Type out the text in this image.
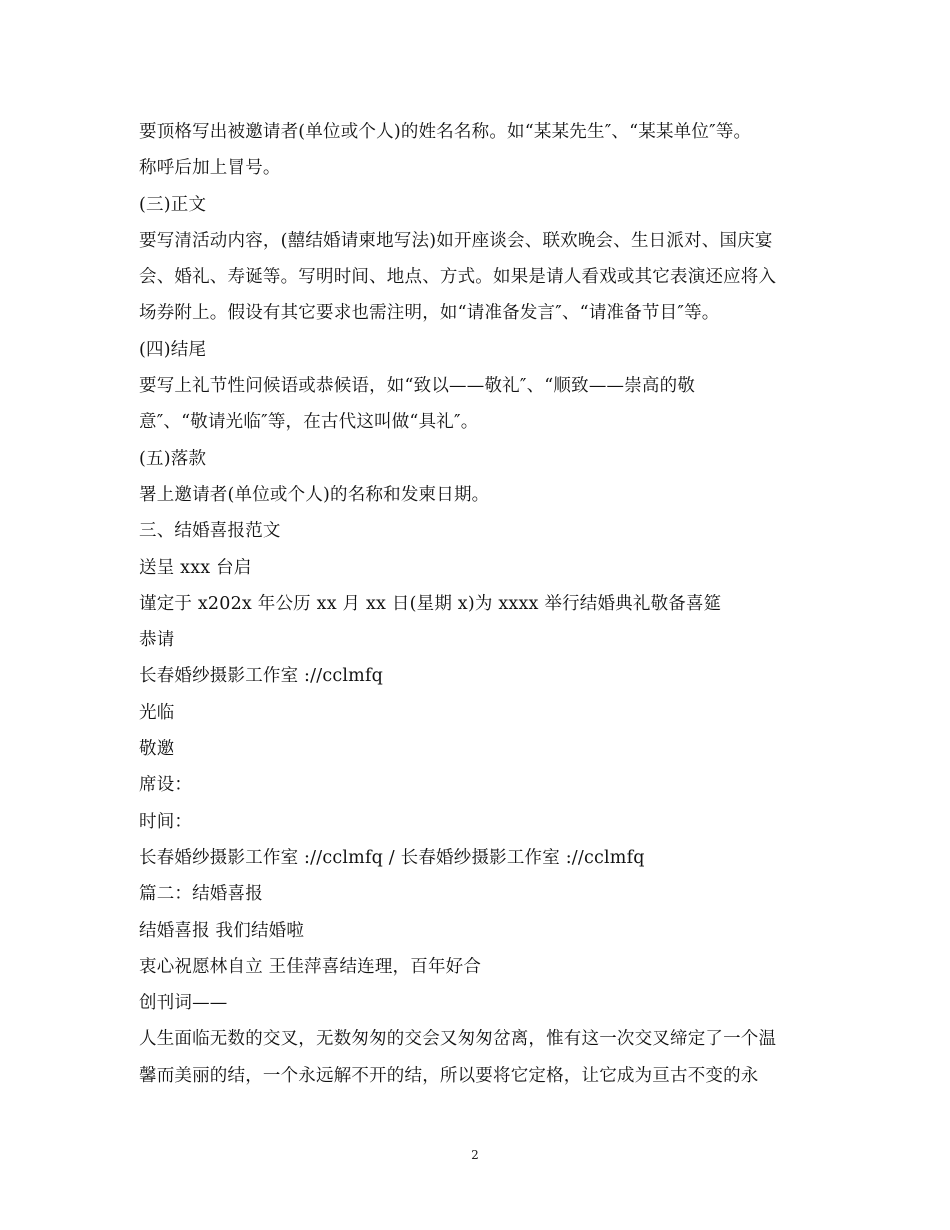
要顶格写出被邀请者(单位或个人)的姓名名称。如“某某先生″、“某某单位″等。
称呼后加上冒号。
(三)正文
要写清活动内容，(囍结婚请柬地写法)如开座谈会、联欢晚会、生日派对、国庆宴
会、婚礼、寿诞等。写明时间、地点、方式。如果是请人看戏或其它表演还应将入
场券附上。假设有其它要求也需注明，如“请准备发言″、“请准备节目″等。
(四)结尾
要写上礼节性问候语或恭候语，如“致以——敬礼″、“顺致——崇高的敬
意″、“敬请光临″等，在古代这叫做“具礼″。
(五)落款
署上邀请者(单位或个人)的名称和发柬日期。
三、结婚喜报范文
送呈 xxx 台启
谨定于 x202x 年公历 xx 月 xx 日(星期 x)为 xxxx 举行结婚典礼敬备喜筵
恭请
长春婚纱摄影工作室 ://cclmfq
光临
敬邀
席设：
时间：
长春婚纱摄影工作室 ://cclmfq / 长春婚纱摄影工作室 ://cclmfq
篇二：结婚喜报
结婚喜报 我们结婚啦
衷心祝愿林自立 王佳萍喜结连理，百年好合
创刊词——
人生面临无数的交叉，无数匆匆的交会又匆匆岔离，惟有这一次交叉缔定了一个温
馨而美丽的结，一个永远解不开的结，所以要将它定格，让它成为亘古不变的永
2
